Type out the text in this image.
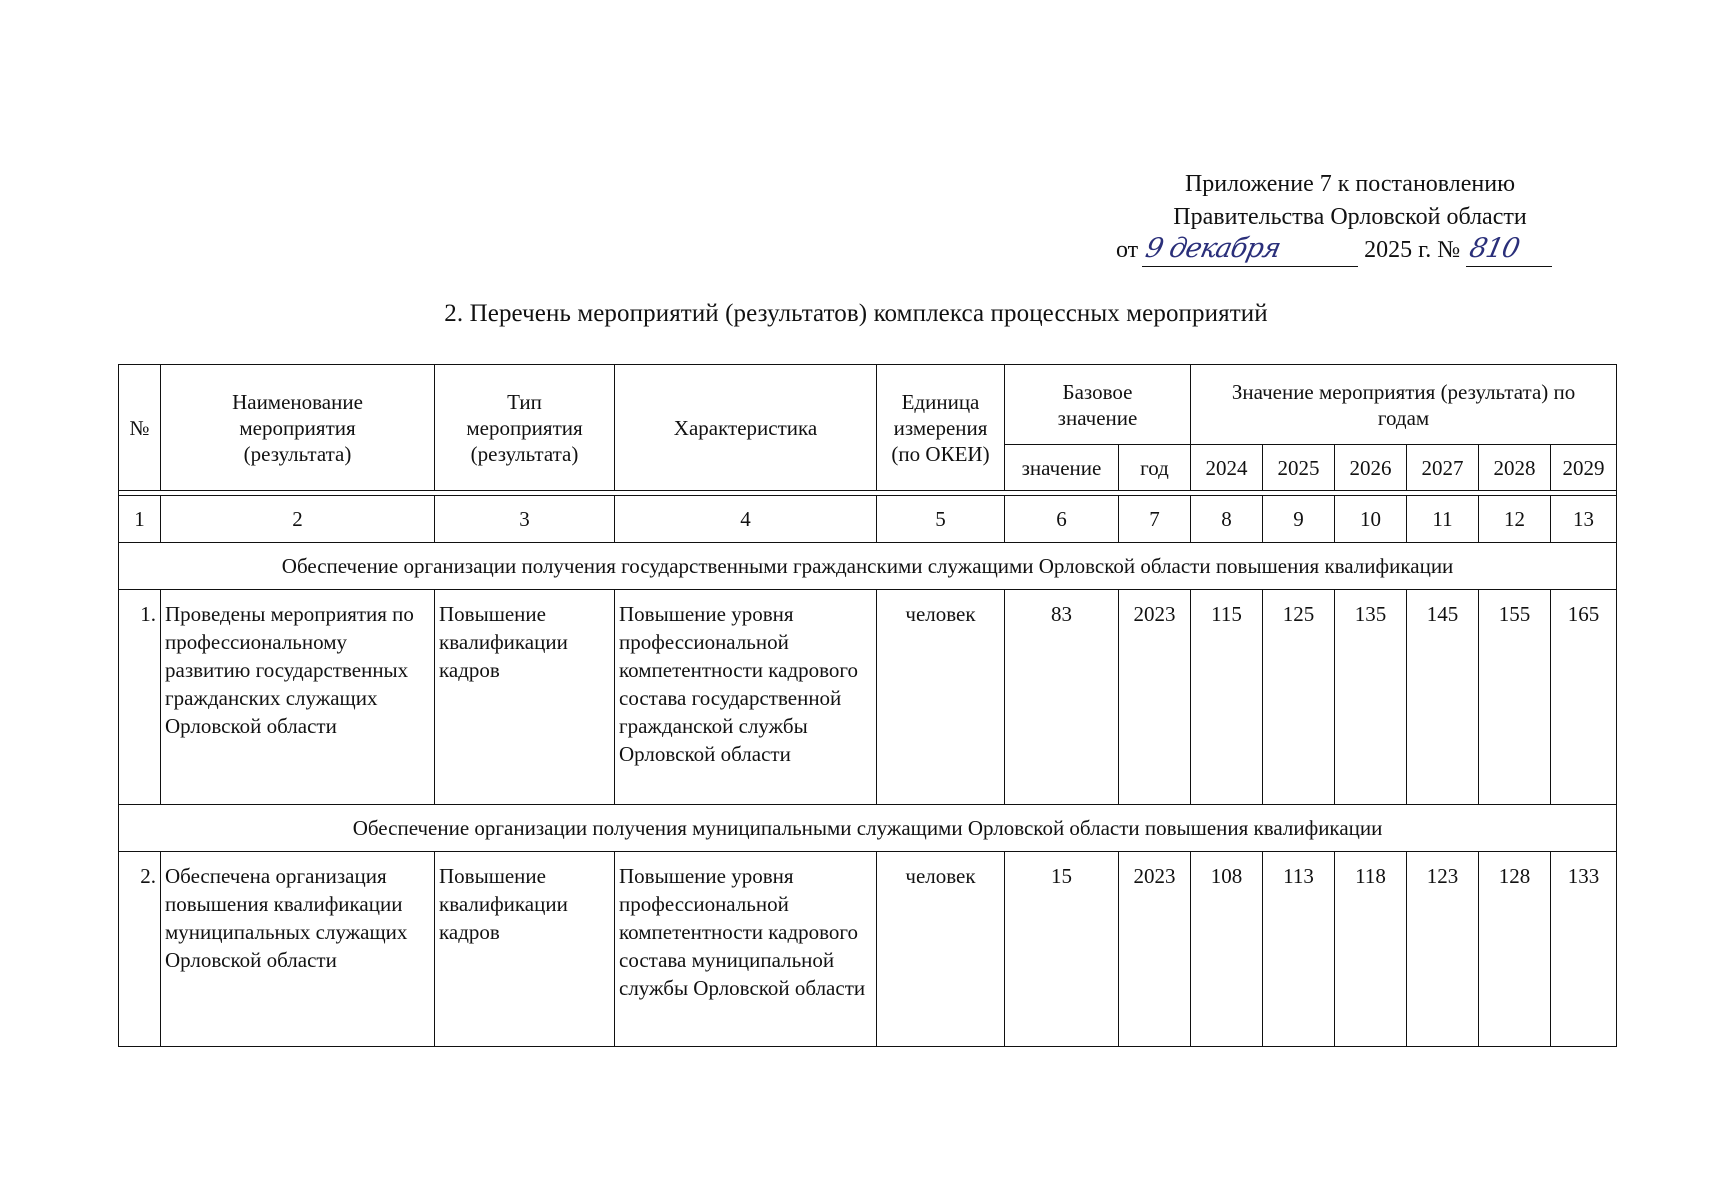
Приложение 7 к постановлению
Правительства Орловской области
от 9 декабря	2025 г. № 810
2. Перечень мероприятий (результатов) комплекса процессных мероприятий
№	Наименование мероприятия (результата)	Тип мероприятия (результата)	Характеристика	Единица измерения (по ОКЕИ)	Базовое значение		Значение мероприятия (результата) по годам					
					значение	год	2024	2025	2026	2027	2028	2029

1	2	3	4	5	6	7	8	9	10	11	12	13
Обеспечение организации получения государственными гражданскими служащими Орловской области повышения квалификации												
1.	Проведены мероприятия по профессиональному развитию государственных гражданских служащих Орловской области	Повышение квалификации кадров	Повышение уровня профессиональной компетентности кадрового состава государственной гражданской службы Орловской области	человек	83	2023	115	125	135	145	155	165
Обеспечение организации получения муниципальными служащими Орловской области повышения квалификации												
2.	Обеспечена организация повышения квалификации муниципальных служащих Орловской области	Повышение квалификации кадров	Повышение уровня профессиональной компетентности кадрового состава муниципальной службы Орловской области	человек	15	2023	108	113	118	123	128	133
